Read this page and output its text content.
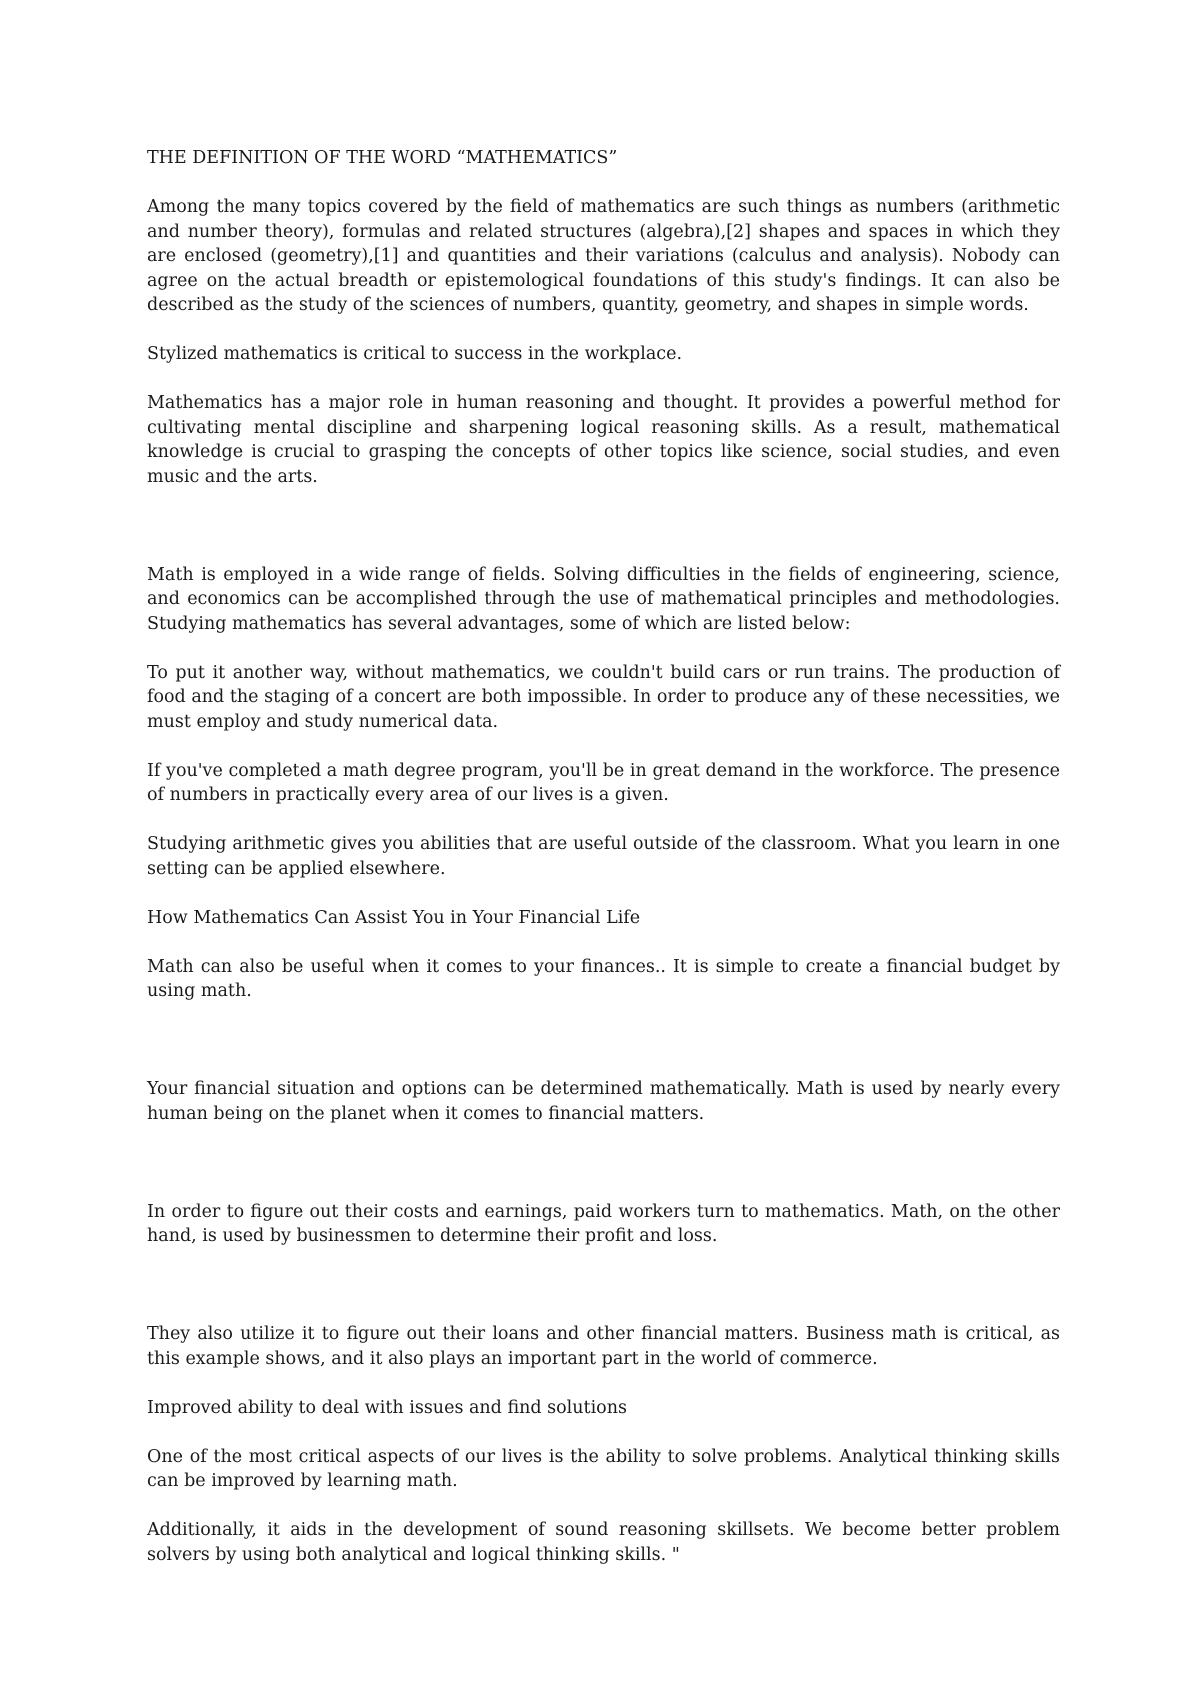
THE DEFINITION OF THE WORD “MATHEMATICS”

Among the many topics covered by the field of mathematics are such things as numbers (arithmetic and number theory), formulas and related structures (algebra),[2] shapes and spaces in which they are enclosed (geometry),[1] and quantities and their variations (calculus and analysis). Nobody can agree on the actual breadth or epistemological foundations of this study's findings. It can also be described as the study of the sciences of numbers, quantity, geometry, and shapes in simple words.

Stylized mathematics is critical to success in the workplace.

Mathematics has a major role in human reasoning and thought. It provides a powerful method for cultivating mental discipline and sharpening logical reasoning skills. As a result, mathematical knowledge is crucial to grasping the concepts of other topics like science, social studies, and even music and the arts.

Math is employed in a wide range of fields. Solving difficulties in the fields of engineering, science, and economics can be accomplished through the use of mathematical principles and methodologies. Studying mathematics has several advantages, some of which are listed below:

To put it another way, without mathematics, we couldn't build cars or run trains. The production of food and the staging of a concert are both impossible. In order to produce any of these necessities, we must employ and study numerical data.

If you've completed a math degree program, you'll be in great demand in the workforce. The presence of numbers in practically every area of our lives is a given.

Studying arithmetic gives you abilities that are useful outside of the classroom. What you learn in one setting can be applied elsewhere.

How Mathematics Can Assist You in Your Financial Life

Math can also be useful when it comes to your finances.. It is simple to create a financial budget by using math.

Your financial situation and options can be determined mathematically. Math is used by nearly every human being on the planet when it comes to financial matters.

In order to figure out their costs and earnings, paid workers turn to mathematics. Math, on the other hand, is used by businessmen to determine their profit and loss.

They also utilize it to figure out their loans and other financial matters. Business math is critical, as this example shows, and it also plays an important part in the world of commerce.

Improved ability to deal with issues and find solutions

One of the most critical aspects of our lives is the ability to solve problems. Analytical thinking skills can be improved by learning math.

Additionally, it aids in the development of sound reasoning skillsets. We become better problem solvers by using both analytical and logical thinking skills. "
